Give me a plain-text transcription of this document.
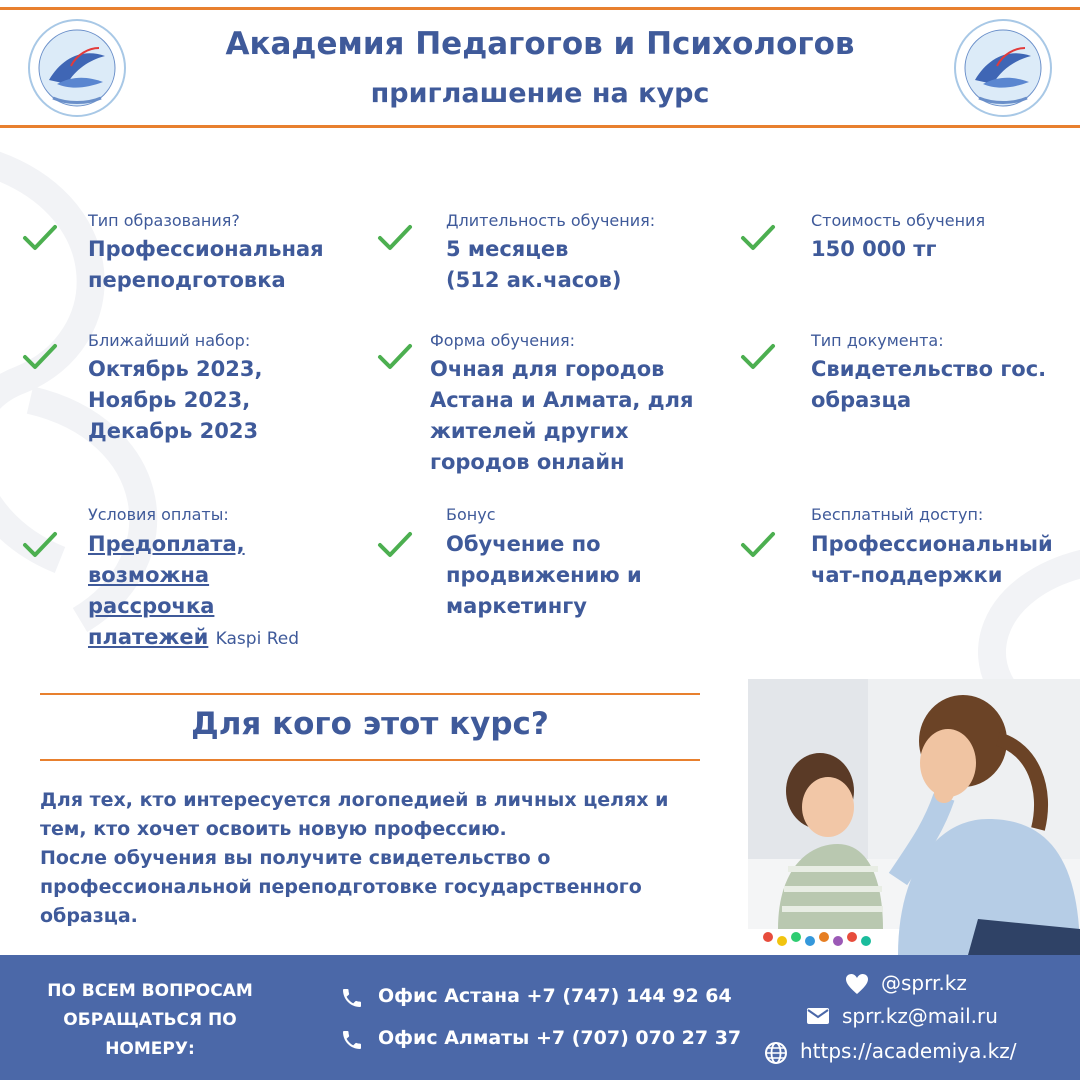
Академия Педагогов и Психологов
приглашение на курс
Тип образования?
Профессиональная
переподготовка
Ближайший набор:
Октябрь 2023,
Ноябрь 2023,
Декабрь 2023
Условия оплаты:
Предоплата,
возможна
рассрочка
платежей Kaspi Red
Длительность обучения:
5 месяцев
(512 ак.часов)
Форма обучения:
Очная для городов
Астана и Алмата, для
жителей других
городов онлайн
Бонус
Обучение по
продвижению и
маркетингу
Стоимость обучения
150 000 тг
Тип документа:
Свидетельство гос.
образца
Бесплатный доступ:
Профессиональный
чат-поддержки
Для кого этот курс?
Для тех, кто интересуется логопедией в личных целях и
тем, кто хочет освоить новую профессию.
После обучения вы получите свидетельство о
профессиональной переподготовке государственного
образца.
ПО ВСЕМ ВОПРОСАМ
ОБРАЩАТЬСЯ ПО
НОМЕРУ:
Офис Астана +7 (747) 144 92 64
Офис Алматы +7 (707) 070 27 37
@sprr.kz
sprr.kz@mail.ru
https://academiya.kz/
